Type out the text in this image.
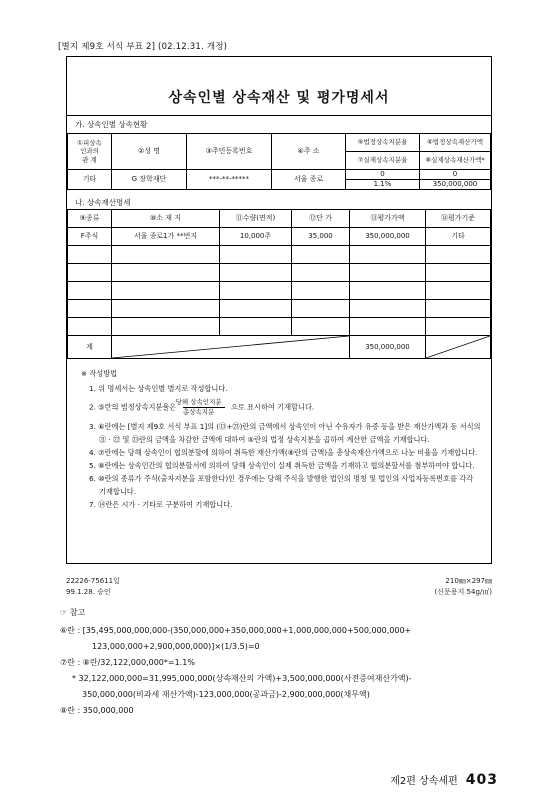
[별지 제9호 서식 부표 2] (02.12.31. 개정)
상속인별 상속재산 및 평가명세서
가. 상속인별 상속현황
①피상속
인과의
관 계	②성 명	③주민등록번호	④주 소	⑤법정상속지분율	⑥법정상속재산가액
				⑦실제상속지분율	⑧실제상속재산가액*
기타	G 장학재단	***-**-*****	서울 종로	0	0
				1.1%	350,000,000
나. 상속재산명세
⑨종류	⑩소 재 지	⑪수량(면적)	⑫단 가	⑬평가가액	⑭평가기준
F주식	서울 종로1가 **번지	10,000주	35,000	350,000,000	기타

계				350,000,000	
※ 작성방법
1. 위 명세서는 상속인별 별지로 작성합니다.
2. ⑤란의 법정상속지분율은 $\frac{\text{당해 상속인지분}}{\text{총상속지분}}$ 으로 표시하여 기재합니다.
3. ⑥란에는 [별지 제9호 서식 부표 1]의 (⑬+㉓)란의 금액에서 상속인이 아닌 수유자가 유증 등을 받은 재산가액과 동 서식의 ㉑ · ㉒ 및 ㉓란의 금액을 차감한 금액에 대하여 ⑤란의 법정 상속지분을 곱하여 계산한 금액을 기재합니다.
4. ⑦란에는 당해 상속인이 협의분할에 의하여 취득한 재산가액(⑧란의 금액)을 총상속재산가액으로 나눈 비율을 기재합니다.
5. ⑧란에는 상속인간의 협의분할서에 의하여 당해 상속인이 실제 취득한 금액을 기재하고 협의분할서를 첨부하여야 합니다.
6. ⑩란의 종류가 주식(출자지분을 포함한다)인 경우에는 당해 주식을 발행한 법인의 명칭 및 법인의 사업자등록번호를 각각 기재합니다.
7. ⑭란은 시가 · 기타로 구분하여 기재합니다.
22226-75611일
99.1.28. 승인
210㎜×297㎜
(신문용지 54g/㎡)
☞ 참고
⑥란 : [35,495,000,000,000-(350,000,000+350,000,000+1,000,000,000+500,000,000+
123,000,000+2,900,000,000)]×(1/3.5)=0
⑦란 : ⑧란/32,122,000,000*=1.1%
* 32,122,000,000=31,995,000,000(상속재산의 가액)+3,500,000,000(사전증여재산가액)-
350,000,000(비과세 재산가액)-123,000,000(공과금)-2,900,000,000(채무액)
⑧란 : 350,000,000
제2편 상속세편 403
